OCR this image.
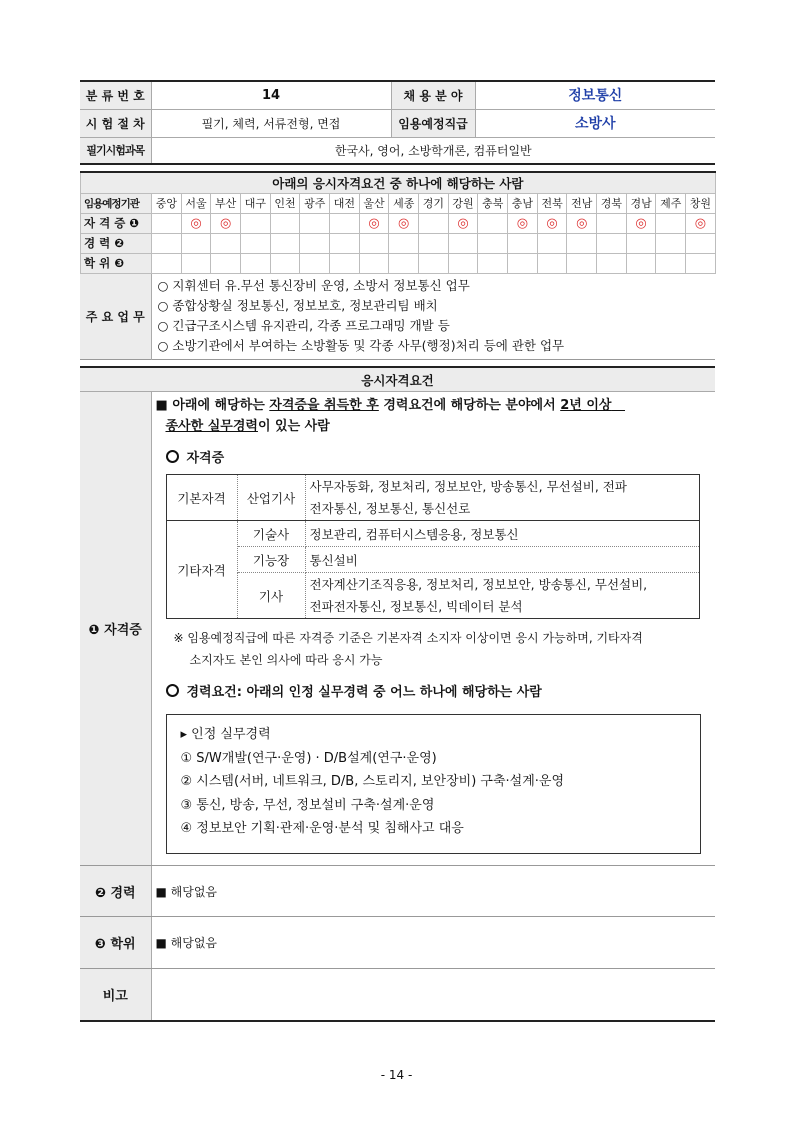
분 류 번 호	14	채 용 분 야	정보통신
시 험 절 차	필기, 체력, 서류전형, 면접	임용예정직급	소방사
필기시험과목	한국사, 영어, 소방학개론, 컴퓨터일반		
아래의 응시자격요건 중 하나에 해당하는 사람																			
임용예정기관	중앙	서울	부산	대구	인천	광주	대전	울산	세종	경기	강원	충북	충남	전북	전남	경북	경남	제주	창원
자 격 증 ❶		◎	◎					◎	◎		◎		◎	◎	◎		◎		◎
경 력 ❷																			
학 위 ❸																			
주 요 업 무	
○ 지휘센터 유.무선 통신장비 운영, 소방서 정보통신 업무
○ 종합상황실 정보통신, 정보보호, 정보관리팀 배치
○ 긴급구조시스템 유지관리, 각종 프로그래밍 개발 등
○ 소방기관에서 부여하는 소방활동 및 각종 사무(행정)처리 등에 관한 업무
응시자격요건
❶ 자격증	
■ 아래에 해당하는 자격증을 취득한 후 경력요건에 해당하는 분야에서 2년 이상
종사한 실무경력이 있는 사람
자격증
기본자격	산업기사	사무자동화, 정보처리, 정보보안, 방송통신, 무선설비, 전파
전자통신, 정보통신, 통신선로
기타자격	기술사	정보관리, 컴퓨터시스템응용, 정보통신
기능장	통신설비
기사	전자계산기조직응용, 정보처리, 정보보안, 방송통신, 무선설비,
전파전자통신, 정보통신, 빅데이터 분석
※ 임용예정직급에 따른 자격증 기준은 기본자격 소지자 이상이면 응시 가능하며, 기타자격
소지자도 본인 의사에 따라 응시 가능
경력요건: 아래의 인정 실무경력 중 어느 하나에 해당하는 사람
▸ 인정 실무경력
① S/W개발(연구·운영) · D/B설계(연구·운영)
② 시스템(서버, 네트워크, D/B, 스토리지, 보안장비) 구축·설계·운영
③ 통신, 방송, 무선, 정보설비 구축·설계·운영
④ 정보보안 기획·관제·운영·분석 및 침해사고 대응

❷ 경력	■ 해당없음
❸ 학위	■ 해당없음
비고	
- 14 -
